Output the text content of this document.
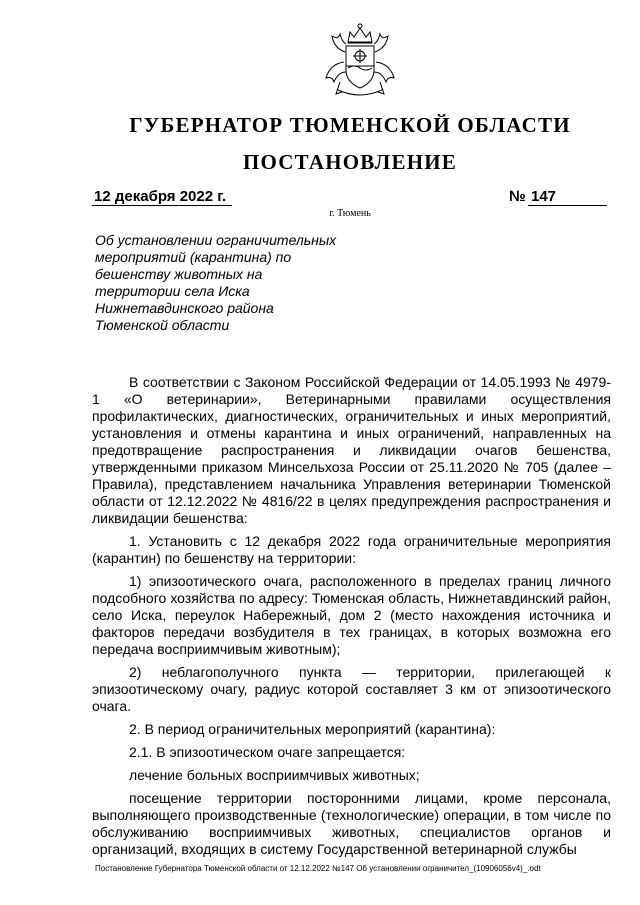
ГУБЕРНАТОР ТЮМЕНСКОЙ ОБЛАСТИ
ПОСТАНОВЛЕНИЕ
12 декабря 2022 г.	№ 147
г. Тюмень
Об установлении ограничительных
мероприятий (карантина) по
бешенству животных на
территории села Иска
Нижнетавдинского района
Тюменской области

В соответствии с Законом Российской Федерации от 14.05.1993 № 4979-1 «О ветеринарии», Ветеринарными правилами осуществления профилактических, диагностических, ограничительных и иных мероприятий, установления и отмены карантина и иных ограничений, направленных на предотвращение распространения и ликвидации очагов бешенства, утвержденными приказом Минсельхоза России от 25.11.2020 № 705 (далее – Правила), представлением начальника Управления ветеринарии Тюменской области от 12.12.2022 № 4816/22 в целях предупреждения распространения и ликвидации бешенства:

1. Установить с 12 декабря 2022 года ограничительные мероприятия (карантин) по бешенству на территории:

1) эпизоотического очага, расположенного в пределах границ личного подсобного хозяйства по адресу: Тюменская область, Нижнетавдинский район, село Иска, переулок Набережный, дом 2 (место нахождения источника и факторов передачи возбудителя в тех границах, в которых возможна его передача восприимчивым животным);

2) неблагополучного пункта — территории, прилегающей к эпизоотическому очагу, радиус которой составляет 3 км от эпизоотического очага.

2. В период ограничительных мероприятий (карантина):

2.1. В эпизоотическом очаге запрещается:

лечение больных восприимчивых животных;

посещение территории посторонними лицами, кроме персонала, выполняющего производственные (технологические) операции, в том числе по обслуживанию восприимчивых животных, специалистов органов и организаций, входящих в систему Государственной ветеринарной службы

Постановление Губернатора Тюменской области от 12.12.2022 №147 Об установлении ограничител_(10906056v4)_.odt
